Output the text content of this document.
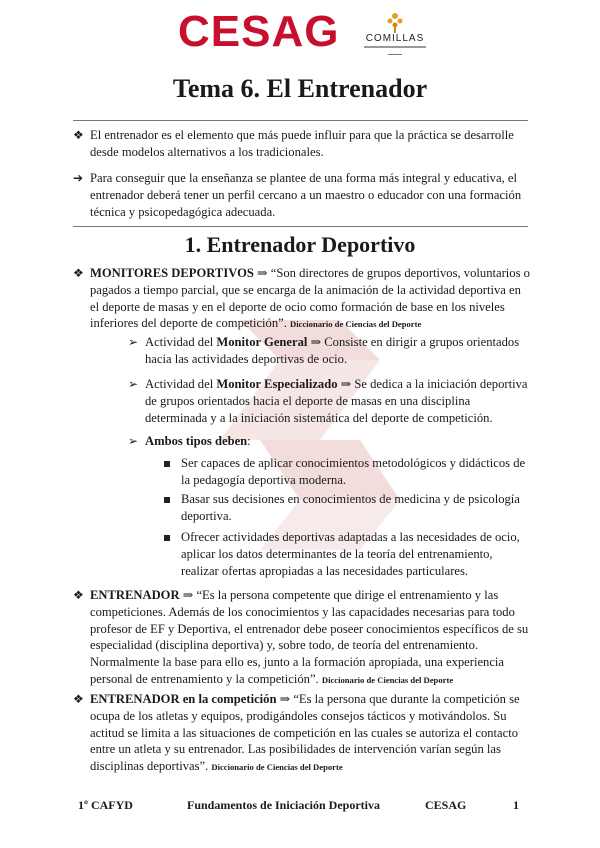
CESAG	COMILLAS
Tema 6. El Entrenador
❖ El entrenador es el elemento que más puede influir para que la práctica se desarrolle desde modelos alternativos a los tradicionales.
➔ Para conseguir que la enseñanza se plantee de una forma más integral y educativa, el entrenador deberá tener un perfil cercano a un maestro o educador con una formación técnica y psicopedagógica adecuada.
1. Entrenador Deportivo
❖ MONITORES DEPORTIVOS ⇒ “Son directores de grupos deportivos, voluntarios o pagados a tiempo parcial, que se encarga de la animación de la actividad deportiva en el deporte de masas y en el deporte de ocio como formación de base en los niveles inferiores del deporte de competición”. Diccionario de Ciencias del Deporte
➢ Actividad del Monitor General ⇒ Consiste en dirigir a grupos orientados hacia las actividades deportivas de ocio.
➢ Actividad del Monitor Especializado ⇒ Se dedica a la iniciación deportiva de grupos orientados hacia el deporte de masas en una disciplina determinada y a la iniciación sistemática del deporte de competición.
➢ Ambos tipos deben:
Ser capaces de aplicar conocimientos metodológicos y didácticos de la pedagogía deportiva moderna.
Basar sus decisiones en conocimientos de medicina y de psicología deportiva.
Ofrecer actividades deportivas adaptadas a las necesidades de ocio, aplicar los datos determinantes de la teoría del entrenamiento, realizar ofertas apropiadas a las necesidades particulares.
❖ ENTRENADOR ⇒ “Es la persona competente que dirige el entrenamiento y las competiciones. Además de los conocimientos y las capacidades necesarias para todo profesor de EF y Deportiva, el entrenador debe poseer conocimientos específicos de su especialidad (disciplina deportiva) y, sobre todo, de teoría del entrenamiento. Normalmente la base para ello es, junto a la formación apropiada, una experiencia personal de entrenamiento y la competición”. Diccionario de Ciencias del Deporte
❖ ENTRENADOR en la competición ⇒ “Es la persona que durante la competición se ocupa de los atletas y equipos, prodigándoles consejos tácticos y motivándolos. Su actitud se limita a las situaciones de competición en las cuales se autoriza el contacto entre un atleta y su entrenador. Las posibilidades de intervención varían según las disciplinas deportivas”. Diccionario de Ciencias del Deporte
1º CAFYD	Fundamentos de Iniciación Deportiva	CESAG	1
